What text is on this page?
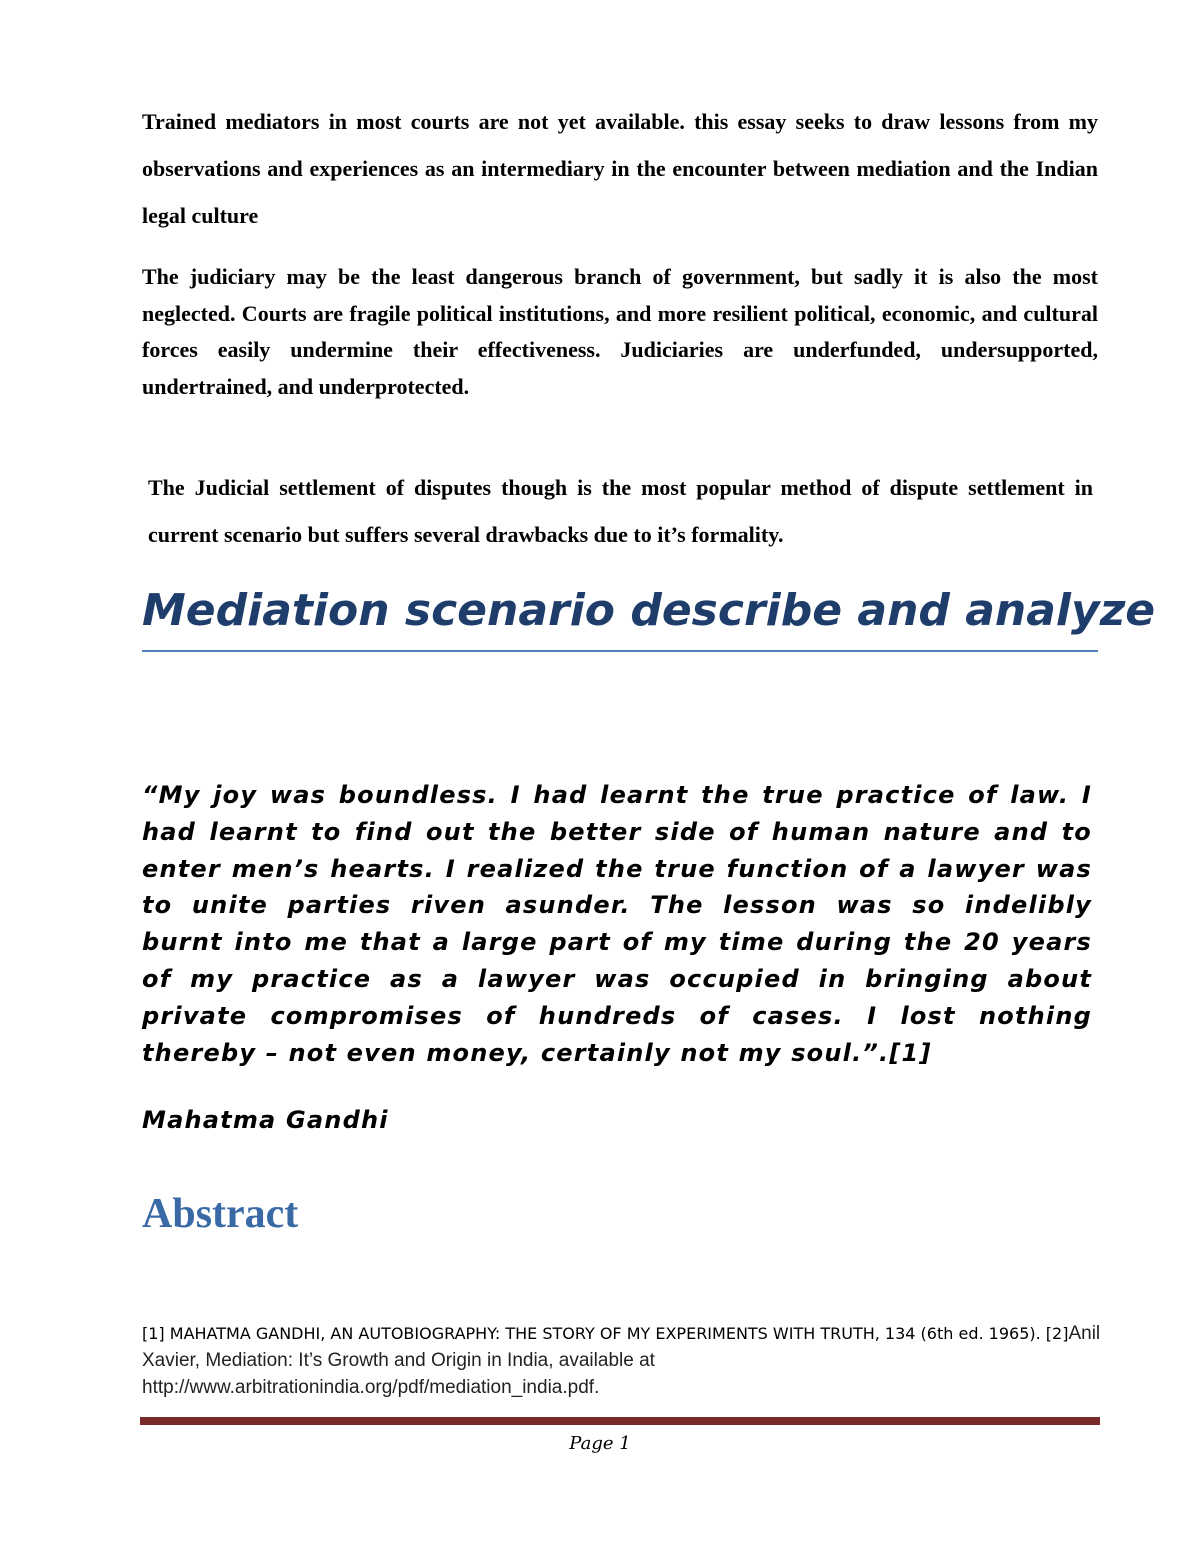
Trained mediators in most courts are not yet available. this essay seeks to draw lessons from my observations and experiences as an intermediary in the encounter between mediation and the Indian legal culture

The judiciary may be the least dangerous branch of government, but sadly it is also the most neglected. Courts are fragile political institutions, and more resilient political, economic, and cultural forces easily undermine their effectiveness. Judiciaries are underfunded, undersupported, undertrained, and underprotected.

The Judicial settlement of disputes though is the most popular method of dispute settlement in current scenario but suffers several drawbacks due to it’s formality.

Mediation scenario describe and analyze

“My joy was boundless. I had learnt the true practice of law. I had learnt to find out the better side of human nature and to enter men’s hearts. I realized the true function of a lawyer was to unite parties riven asunder. The lesson was so indelibly burnt into me that a large part of my time during the 20 years of my practice as a lawyer was occupied in bringing about private compromises of hundreds of cases. I lost nothing thereby – not even money, certainly not my soul.”.[1]

Mahatma Gandhi

Abstract

[1] MAHATMA GANDHI, AN AUTOBIOGRAPHY: THE STORY OF MY EXPERIMENTS WITH TRUTH, 134 (6th ed. 1965). [2]Anil Xavier, Mediation: It’s Growth and Origin in India, available at http://www.arbitrationindia.org/pdf/mediation_india.pdf.

Page 1
